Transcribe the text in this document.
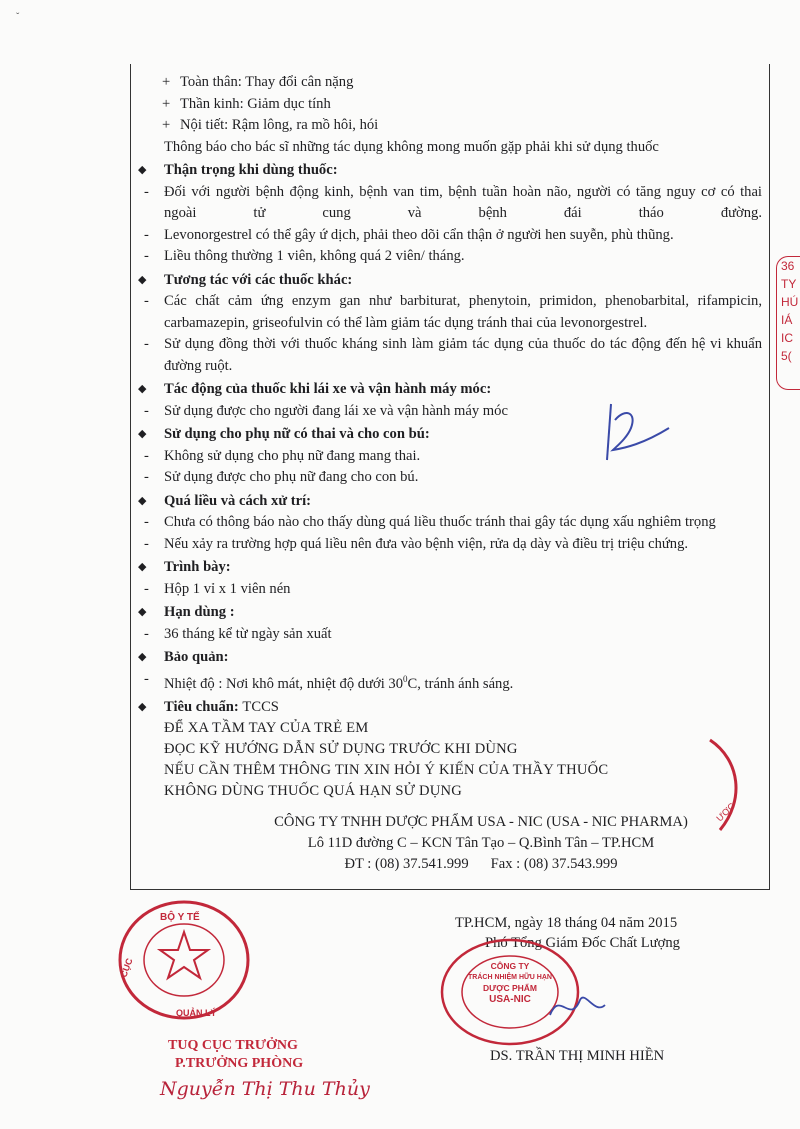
ˇ
36
TY
HÚ
IÁ
IC
5(
+ Toàn thân: Thay đổi cân nặng
+ Thần kinh: Giảm dục tính
+ Nội tiết: Rậm lông, ra mồ hôi, hói
Thông báo cho bác sĩ những tác dụng không mong muốn gặp phải khi sử dụng thuốc
◆ Thận trọng khi dùng thuốc:
- Đối với người bệnh động kinh, bệnh van tim, bệnh tuần hoàn não, người có tăng nguy cơ có thai ngoài tử cung và bệnh đái tháo đường.
- Levonorgestrel có thể gây ứ dịch, phải theo dõi cẩn thận ở người hen suyễn, phù thũng.
- Liều thông thường 1 viên, không quá 2 viên/ tháng.
◆ Tương tác với các thuốc khác:
- Các chất cảm ứng enzym gan như barbiturat, phenytoin, primidon, phenobarbital, rifampicin, carbamazepin, griseofulvin có thể làm giảm tác dụng tránh thai của levonorgestrel.
- Sử dụng đồng thời với thuốc kháng sinh làm giảm tác dụng của thuốc do tác động đến hệ vi khuẩn đường ruột.
◆ Tác động của thuốc khi lái xe và vận hành máy móc:
- Sử dụng được cho người đang lái xe và vận hành máy móc
◆ Sử dụng cho phụ nữ có thai và cho con bú:
- Không sử dụng cho phụ nữ đang mang thai.
- Sử dụng được cho phụ nữ đang cho con bú.
◆ Quá liều và cách xử trí:
- Chưa có thông báo nào cho thấy dùng quá liều thuốc tránh thai gây tác dụng xấu nghiêm trọng
- Nếu xảy ra trường hợp quá liều nên đưa vào bệnh viện, rửa dạ dày và điều trị triệu chứng.
◆ Trình bày:
- Hộp 1 vỉ x 1 viên nén
◆ Hạn dùng :
- 36 tháng kể từ ngày sản xuất
◆ Bảo quản:
- Nhiệt độ : Nơi khô mát, nhiệt độ dưới $30^0C$, tránh ánh sáng.
◆ Tiêu chuẩn: TCCS
ĐỂ XA TẦM TAY CỦA TRẺ EM
ĐỌC KỸ HƯỚNG DẪN SỬ DỤNG TRƯỚC KHI DÙNG
NẾU CẦN THÊM THÔNG TIN XIN HỎI Ý KIẾN CỦA THẦY THUỐC
KHÔNG DÙNG THUỐC QUÁ HẠN SỬ DỤNG
CÔNG TY TNHH DƯỢC PHẨM USA - NIC (USA - NIC PHARMA)
Lô 11D đường C – KCN Tân Tạo – Q.Bình Tân – TP.HCM
ĐT : (08) 37.541.999 Fax : (08) 37.543.999
ƯỢC
TP.HCM, ngày 18 tháng 04 năm 2015
Phó Tổng Giám Đốc Chất Lượng
CÔNG TY
TRÁCH NHIỆM HỮU HẠN
DƯỢC PHẨM
USA-NIC
DS. TRẦN THỊ MINH HIỀN
BỘ Y TẾ
CỤC
QUẢN LÝ
TUQ CỤC TRƯỞNG
P.TRƯỞNG PHÒNG
Nguyễn Thị Thu Thủy
